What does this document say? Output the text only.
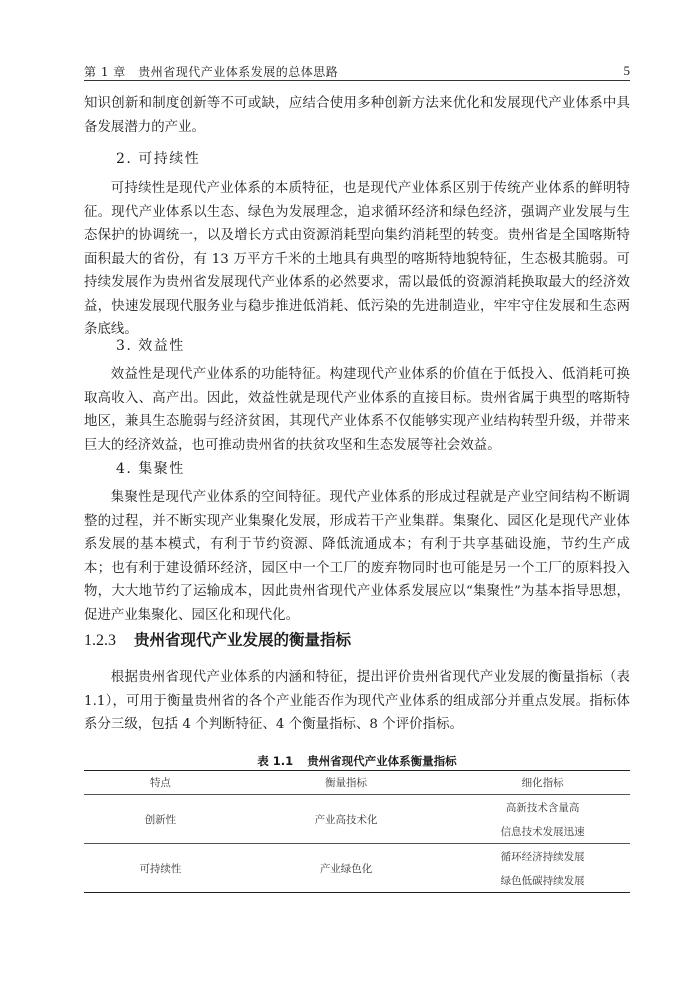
第 1 章　贵州省现代产业体系发展的总体思路	5
知识创新和制度创新等不可或缺，应结合使用多种创新方法来优化和发展现代产业体系中具备发展潜力的产业。
2. 可持续性
可持续性是现代产业体系的本质特征，也是现代产业体系区别于传统产业体系的鲜明特征。现代产业体系以生态、绿色为发展理念，追求循环经济和绿色经济，强调产业发展与生态保护的协调统一，以及增长方式由资源消耗型向集约消耗型的转变。贵州省是全国喀斯特面积最大的省份，有 13 万平方千米的土地具有典型的喀斯特地貌特征，生态极其脆弱。可持续发展作为贵州省发展现代产业体系的必然要求，需以最低的资源消耗换取最大的经济效益，快速发展现代服务业与稳步推进低消耗、低污染的先进制造业，牢牢守住发展和生态两条底线。
3. 效益性
效益性是现代产业体系的功能特征。构建现代产业体系的价值在于低投入、低消耗可换取高收入、高产出。因此，效益性就是现代产业体系的直接目标。贵州省属于典型的喀斯特地区，兼具生态脆弱与经济贫困，其现代产业体系不仅能够实现产业结构转型升级，并带来巨大的经济效益，也可推动贵州省的扶贫攻坚和生态发展等社会效益。
4. 集聚性
集聚性是现代产业体系的空间特征。现代产业体系的形成过程就是产业空间结构不断调整的过程，并不断实现产业集聚化发展，形成若干产业集群。集聚化、园区化是现代产业体系发展的基本模式，有利于节约资源、降低流通成本；有利于共享基础设施，节约生产成本；也有利于建设循环经济，园区中一个工厂的废弃物同时也可能是另一个工厂的原料投入物，大大地节约了运输成本，因此贵州省现代产业体系发展应以“集聚性”为基本指导思想，促进产业集聚化、园区化和现代化。
1.2.3 贵州省现代产业发展的衡量指标
根据贵州省现代产业体系的内涵和特征，提出评价贵州省现代产业发展的衡量指标（表 1.1），可用于衡量贵州省的各个产业能否作为现代产业体系的组成部分并重点发展。指标体系分三级，包括 4 个判断特征、4 个衡量指标、8 个评价指标。
表 1.1 贵州省现代产业体系衡量指标
特点	衡量指标	细化指标
创新性	产业高技术化	高新技术含量高
		信息技术发展迅速
可持续性	产业绿色化	循环经济持续发展
		绿色低碳持续发展
